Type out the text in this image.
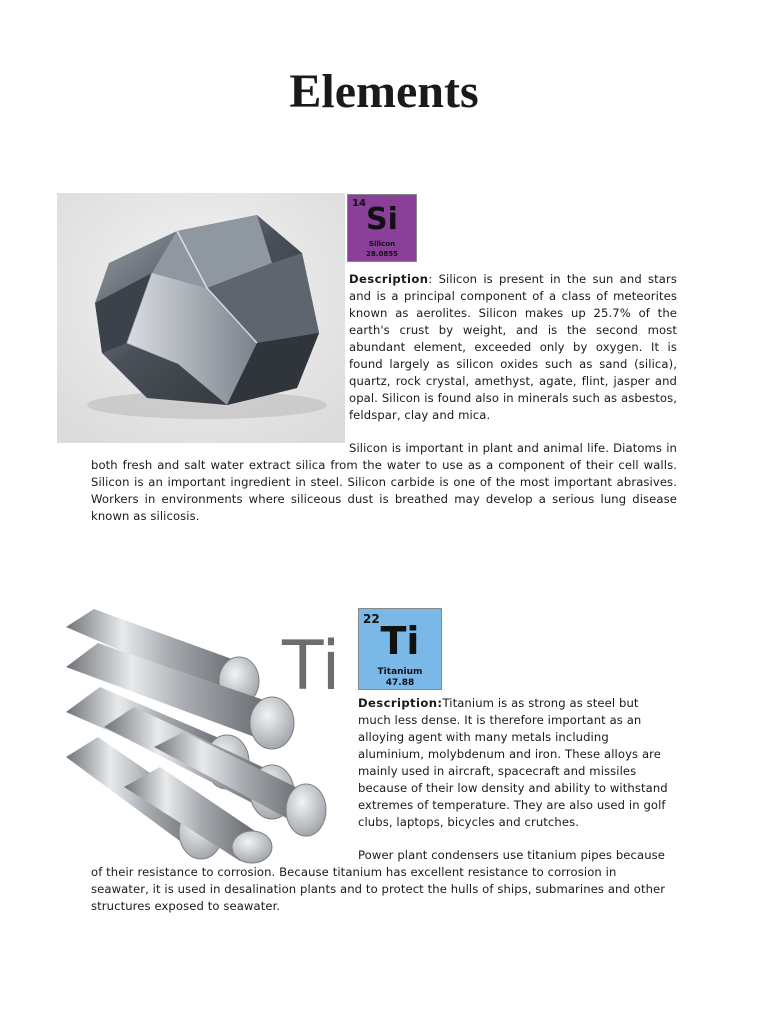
Elements
14 Si
Silicon
28.0855

Description: Silicon is present in the sun and stars and is a principal component of a class of meteorites known as aerolites. Silicon makes up 25.7% of the earth's crust by weight, and is the second most abundant element, exceeded only by oxygen. It is found largely as silicon oxides such as sand (silica), quartz, rock crystal, amethyst, agate, flint, jasper and opal. Silicon is found also in minerals such as asbestos, feldspar, clay and mica.

Silicon is important in plant and animal life. Diatoms in both fresh and salt water extract silica from the water to use as a component of their cell walls. Silicon is an important ingredient in steel. Silicon carbide is one of the most important abrasives. Workers in environments where siliceous dust is breathed may develop a serious lung disease known as silicosis.

Ti
22 Ti
Titanium
47.88

Description:Titanium is as strong as steel but much less dense. It is therefore important as an alloying agent with many metals including aluminium, molybdenum and iron. These alloys are mainly used in aircraft, spacecraft and missiles because of their low density and ability to withstand extremes of temperature. They are also used in golf clubs, laptops, bicycles and crutches.

Power plant condensers use titanium pipes because of their resistance to corrosion. Because titanium has excellent resistance to corrosion in seawater, it is used in desalination plants and to protect the hulls of ships, submarines and other structures exposed to seawater.
